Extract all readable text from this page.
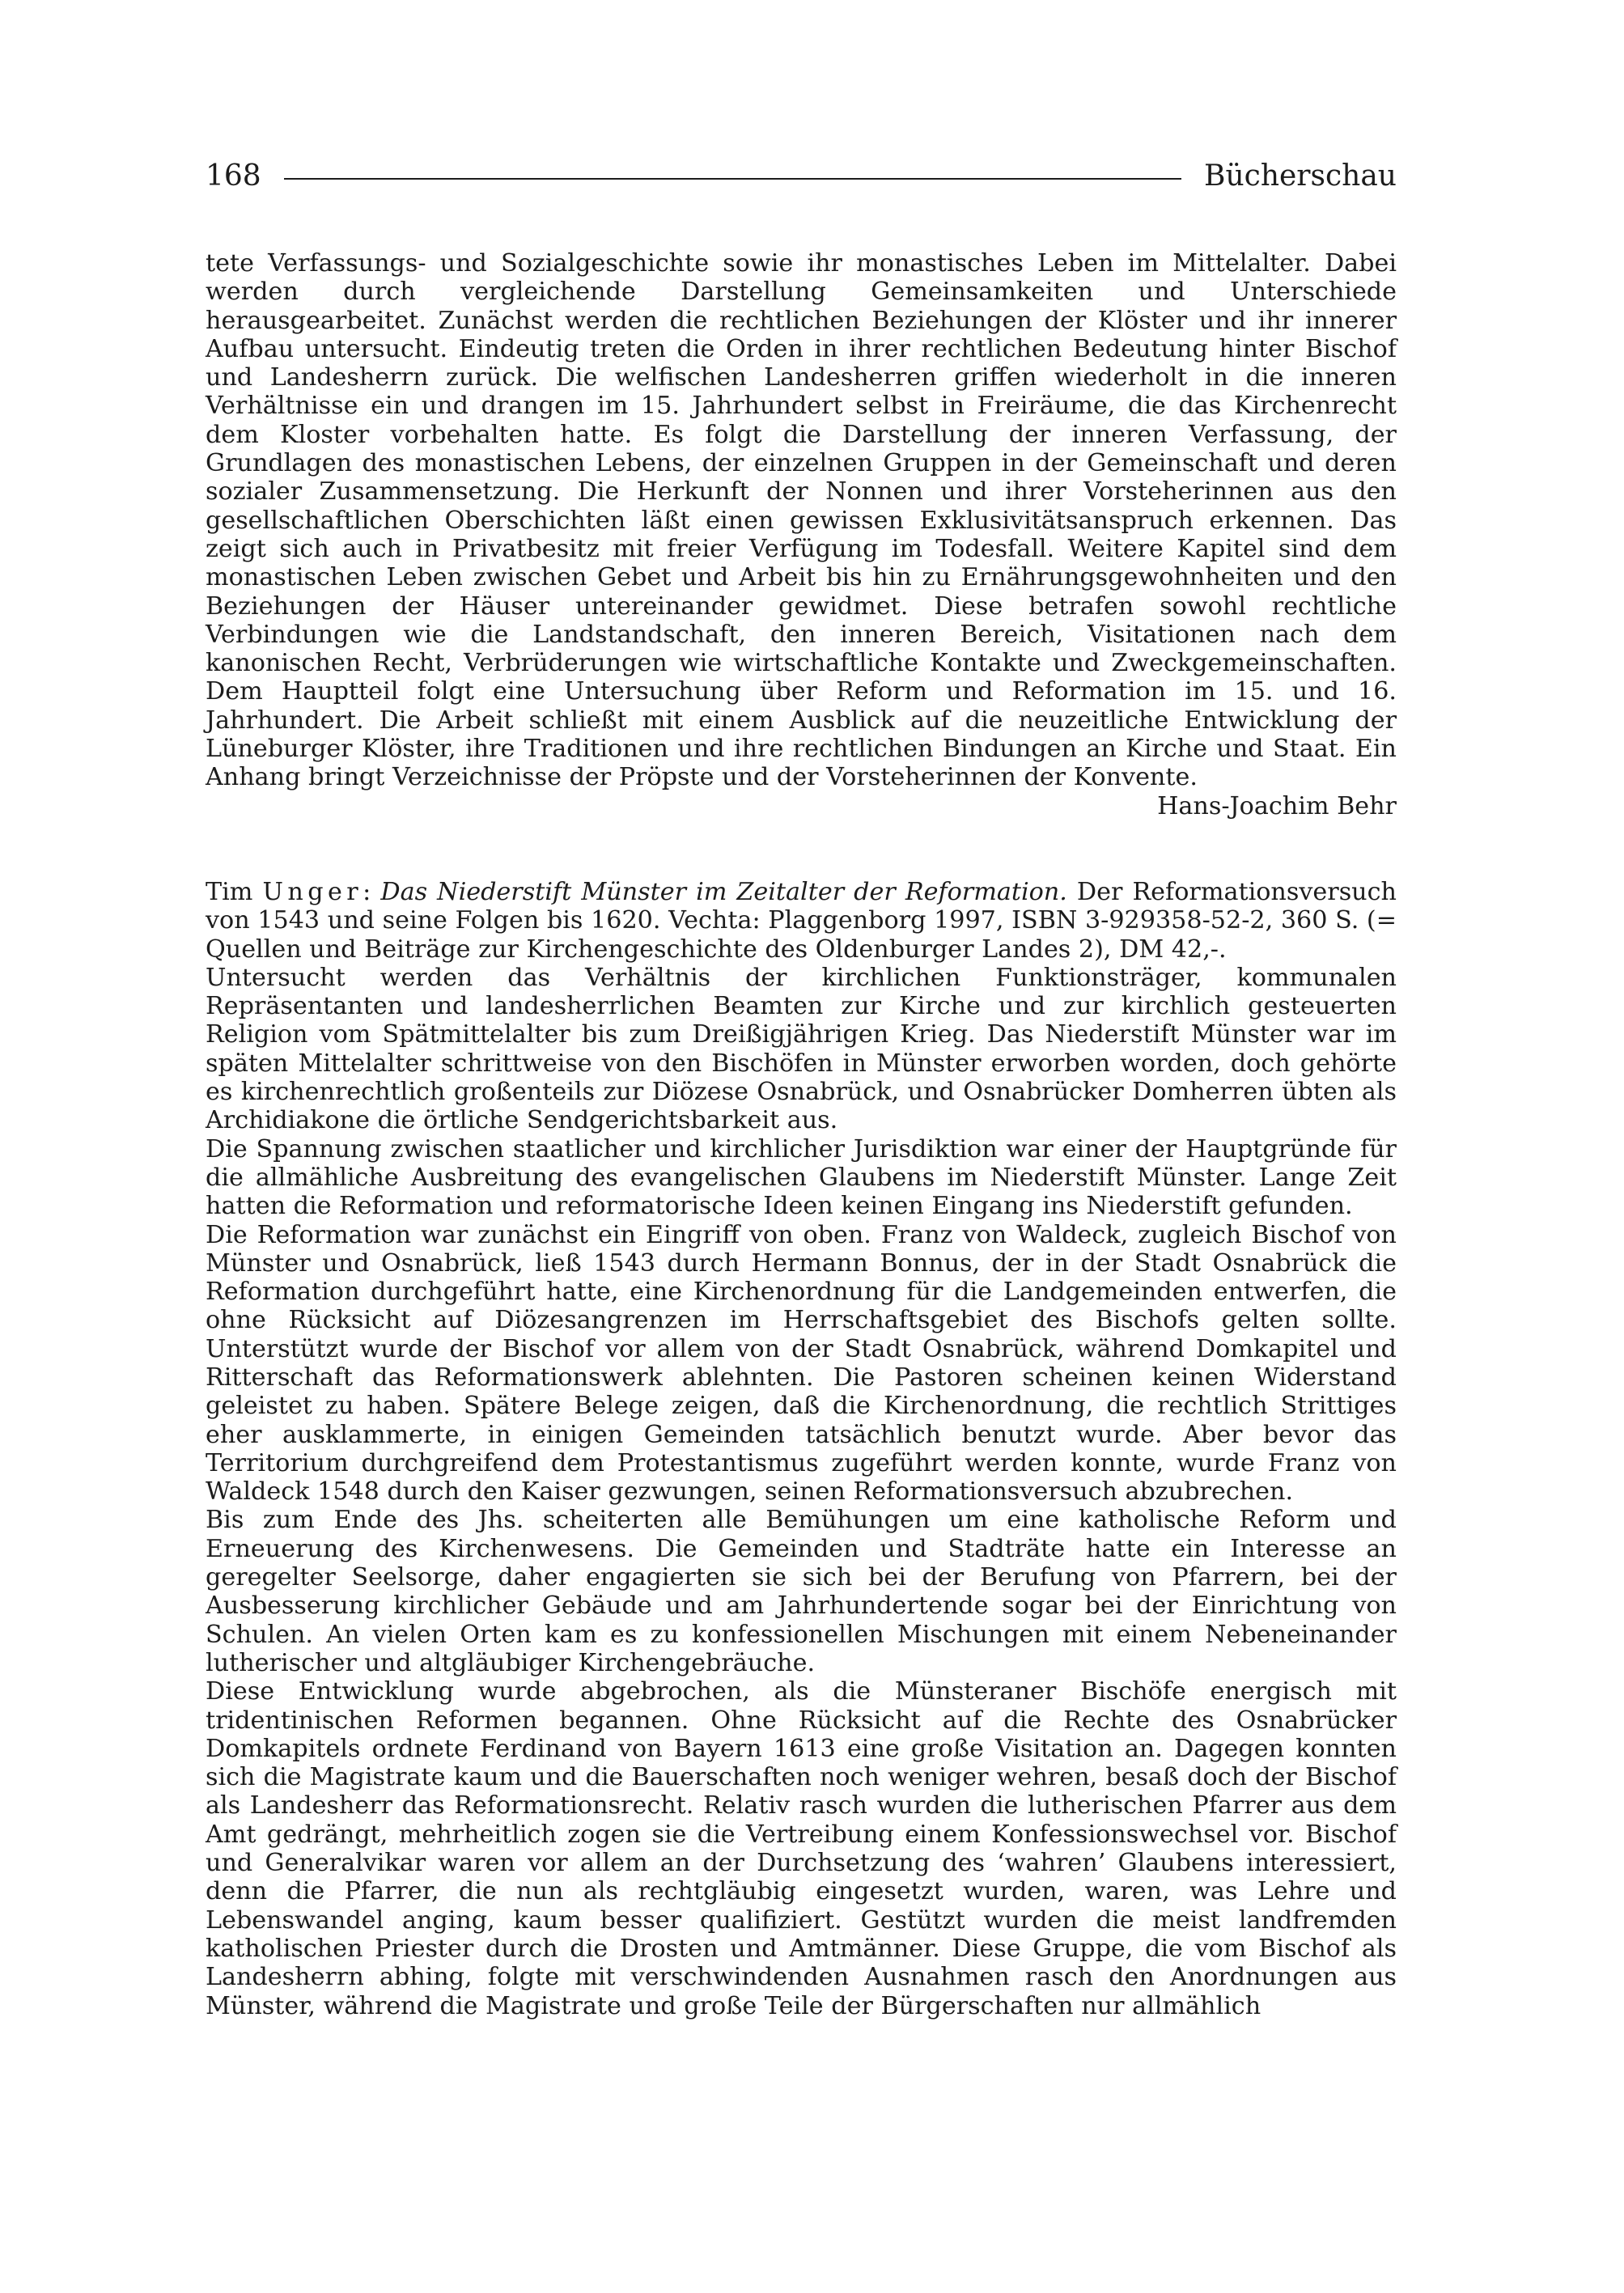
168	Bücherschau

tete Verfassungs- und Sozialgeschichte sowie ihr monastisches Leben im Mittelalter. Dabei werden durch vergleichende Darstellung Gemeinsamkeiten und Unterschiede herausgearbeitet. Zunächst werden die rechtlichen Beziehungen der Klöster und ihr innerer Aufbau untersucht. Eindeutig treten die Orden in ihrer rechtlichen Bedeutung hinter Bischof und Landesherrn zurück. Die welfischen Landesherren griffen wiederholt in die inneren Verhältnisse ein und drangen im 15. Jahrhundert selbst in Freiräume, die das Kirchenrecht dem Kloster vorbehalten hatte. Es folgt die Darstellung der inneren Verfassung, der Grundlagen des monastischen Lebens, der einzelnen Gruppen in der Gemeinschaft und deren sozialer Zusammensetzung. Die Herkunft der Nonnen und ihrer Vorsteherinnen aus den gesellschaftlichen Oberschichten läßt einen gewissen Exklusivitätsanspruch erkennen. Das zeigt sich auch in Privatbesitz mit freier Verfügung im Todesfall. Weitere Kapitel sind dem monastischen Leben zwischen Gebet und Arbeit bis hin zu Ernährungsgewohnheiten und den Beziehungen der Häuser untereinander gewidmet. Diese betrafen sowohl rechtliche Verbindungen wie die Landstandschaft, den inneren Bereich, Visitationen nach dem kanonischen Recht, Verbrüderungen wie wirtschaftliche Kontakte und Zweckgemeinschaften. Dem Hauptteil folgt eine Untersuchung über Reform und Reformation im 15. und 16. Jahrhundert. Die Arbeit schließt mit einem Ausblick auf die neuzeitliche Entwicklung der Lüneburger Klöster, ihre Traditionen und ihre rechtlichen Bindungen an Kirche und Staat. Ein Anhang bringt Verzeichnisse der Pröpste und der Vorsteherinnen der Konvente.

Hans-Joachim Behr

Tim Unger: Das Niederstift Münster im Zeitalter der Reformation. Der Reformationsversuch von 1543 und seine Folgen bis 1620. Vechta: Plaggenborg 1997, ISBN 3-929358-52-2, 360 S. (= Quellen und Beiträge zur Kirchengeschichte des Oldenburger Landes 2), DM 42,-.

Untersucht werden das Verhältnis der kirchlichen Funktionsträger, kommunalen Repräsentanten und landesherrlichen Beamten zur Kirche und zur kirchlich gesteuerten Religion vom Spätmittelalter bis zum Dreißigjährigen Krieg. Das Niederstift Münster war im späten Mittelalter schrittweise von den Bischöfen in Münster erworben worden, doch gehörte es kirchenrechtlich großenteils zur Diözese Osnabrück, und Osnabrücker Domherren übten als Archidiakone die örtliche Sendgerichtsbarkeit aus.

Die Spannung zwischen staatlicher und kirchlicher Jurisdiktion war einer der Hauptgründe für die allmähliche Ausbreitung des evangelischen Glaubens im Niederstift Münster. Lange Zeit hatten die Reformation und reformatorische Ideen keinen Eingang ins Niederstift gefunden.

Die Reformation war zunächst ein Eingriff von oben. Franz von Waldeck, zugleich Bischof von Münster und Osnabrück, ließ 1543 durch Hermann Bonnus, der in der Stadt Osnabrück die Reformation durchgeführt hatte, eine Kirchenordnung für die Landgemeinden entwerfen, die ohne Rücksicht auf Diözesangrenzen im Herrschaftsgebiet des Bischofs gelten sollte. Unterstützt wurde der Bischof vor allem von der Stadt Osnabrück, während Domkapitel und Ritterschaft das Reformationswerk ablehnten. Die Pastoren scheinen keinen Widerstand geleistet zu haben. Spätere Belege zeigen, daß die Kirchenordnung, die rechtlich Strittiges eher ausklammerte, in einigen Gemeinden tatsächlich benutzt wurde. Aber bevor das Territorium durchgreifend dem Protestantismus zugeführt werden konnte, wurde Franz von Waldeck 1548 durch den Kaiser gezwungen, seinen Reformationsversuch abzubrechen.

Bis zum Ende des Jhs. scheiterten alle Bemühungen um eine katholische Reform und Erneuerung des Kirchenwesens. Die Gemeinden und Stadträte hatte ein Interesse an geregelter Seelsorge, daher engagierten sie sich bei der Berufung von Pfarrern, bei der Ausbesserung kirchlicher Gebäude und am Jahrhundertende sogar bei der Einrichtung von Schulen. An vielen Orten kam es zu konfessionellen Mischungen mit einem Nebeneinander lutherischer und altgläubiger Kirchengebräuche.

Diese Entwicklung wurde abgebrochen, als die Münsteraner Bischöfe energisch mit tridentinischen Reformen begannen. Ohne Rücksicht auf die Rechte des Osnabrücker Domkapitels ordnete Ferdinand von Bayern 1613 eine große Visitation an. Dagegen konnten sich die Magistrate kaum und die Bauerschaften noch weniger wehren, besaß doch der Bischof als Landesherr das Reformationsrecht. Relativ rasch wurden die lutherischen Pfarrer aus dem Amt gedrängt, mehrheitlich zogen sie die Vertreibung einem Konfessionswechsel vor. Bischof und Generalvikar waren vor allem an der Durchsetzung des ‘wahren’ Glaubens interessiert, denn die Pfarrer, die nun als rechtgläubig eingesetzt wurden, waren, was Lehre und Lebenswandel anging, kaum besser qualifiziert. Gestützt wurden die meist landfremden katholischen Priester durch die Drosten und Amtmänner. Diese Gruppe, die vom Bischof als Landesherrn abhing, folgte mit verschwindenden Ausnahmen rasch den Anordnungen aus Münster, während die Magistrate und große Teile der Bürgerschaften nur allmählich
